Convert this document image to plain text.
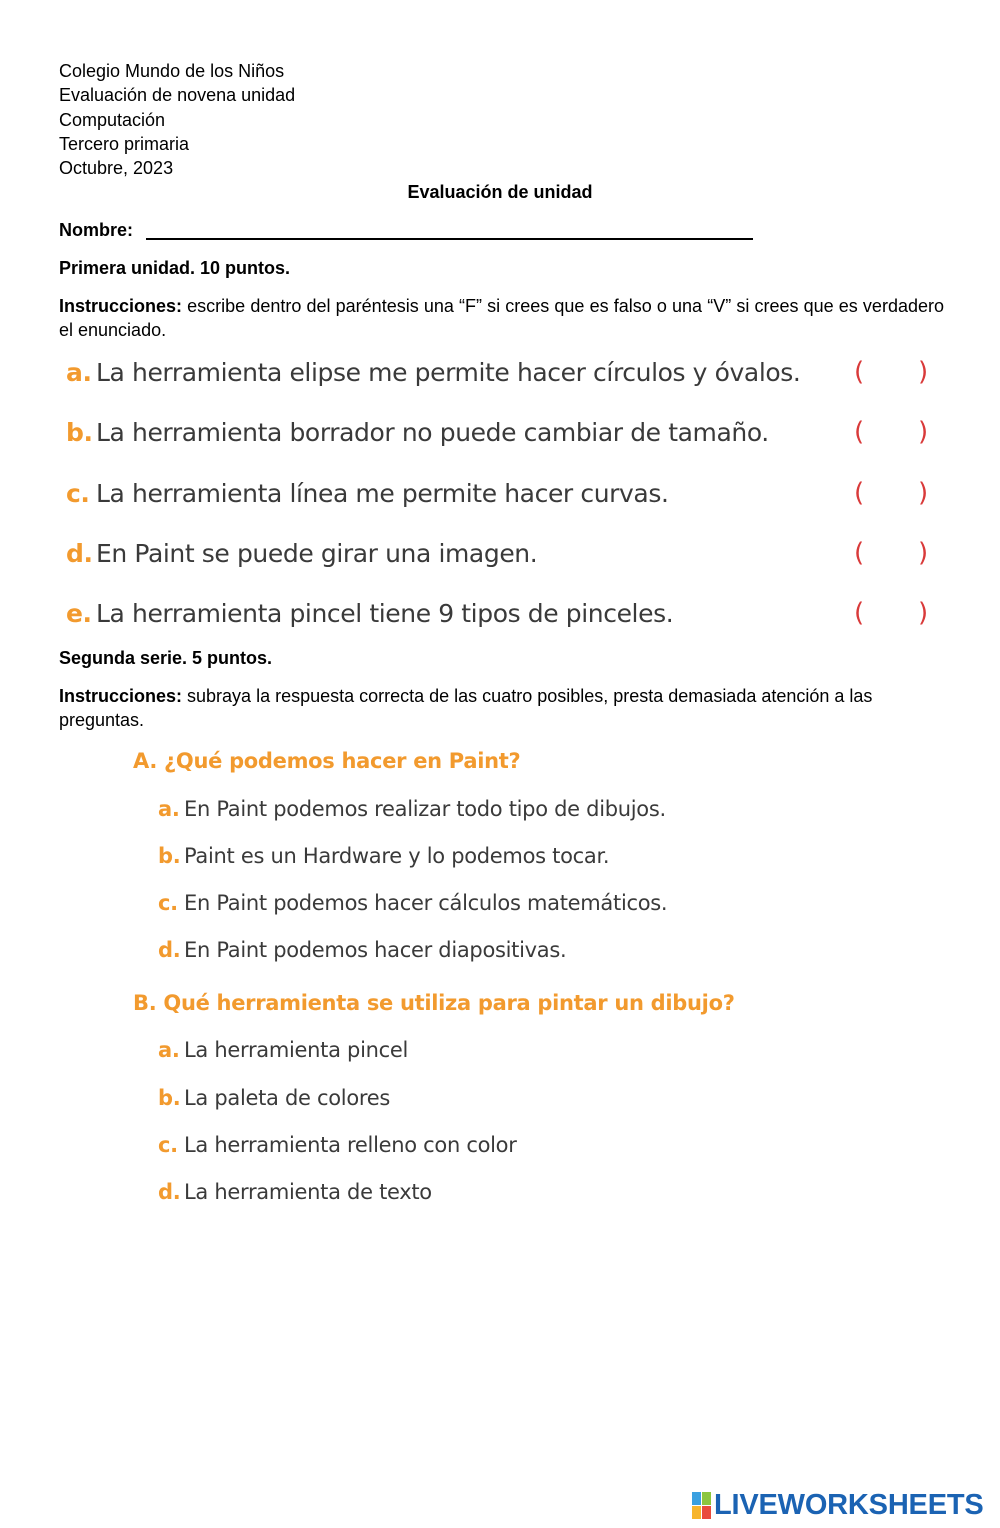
Colegio Mundo de los Niños
Evaluación de novena unidad
Computación
Tercero primaria
Octubre, 2023
Evaluación de unidad
Nombre:
Primera unidad. 10 puntos.
Instrucciones: escribe dentro del paréntesis una “F” si crees que es falso o una “V” si crees que es verdadero el enunciado.
a. La herramienta elipse me permite hacer círculos y óvalos. ( )
b. La herramienta borrador no puede cambiar de tamaño.	( )
c. La herramienta línea me permite hacer curvas.	( )
d. En Paint se puede girar una imagen.	( )
e. La herramienta pincel tiene 9 tipos de pinceles.	( )
Segunda serie. 5 puntos.
Instrucciones: subraya la respuesta correcta de las cuatro posibles, presta demasiada atención a las preguntas.
A. ¿Qué podemos hacer en Paint?
a. En Paint podemos realizar todo tipo de dibujos.
b. Paint es un Hardware y lo podemos tocar.
c. En Paint podemos hacer cálculos matemáticos.
d. En Paint podemos hacer diapositivas.
B. Qué herramienta se utiliza para pintar un dibujo?
a. La herramienta pincel
b. La paleta de colores
c. La herramienta relleno con color
d. La herramienta de texto
LIVEWORKSHEETS
